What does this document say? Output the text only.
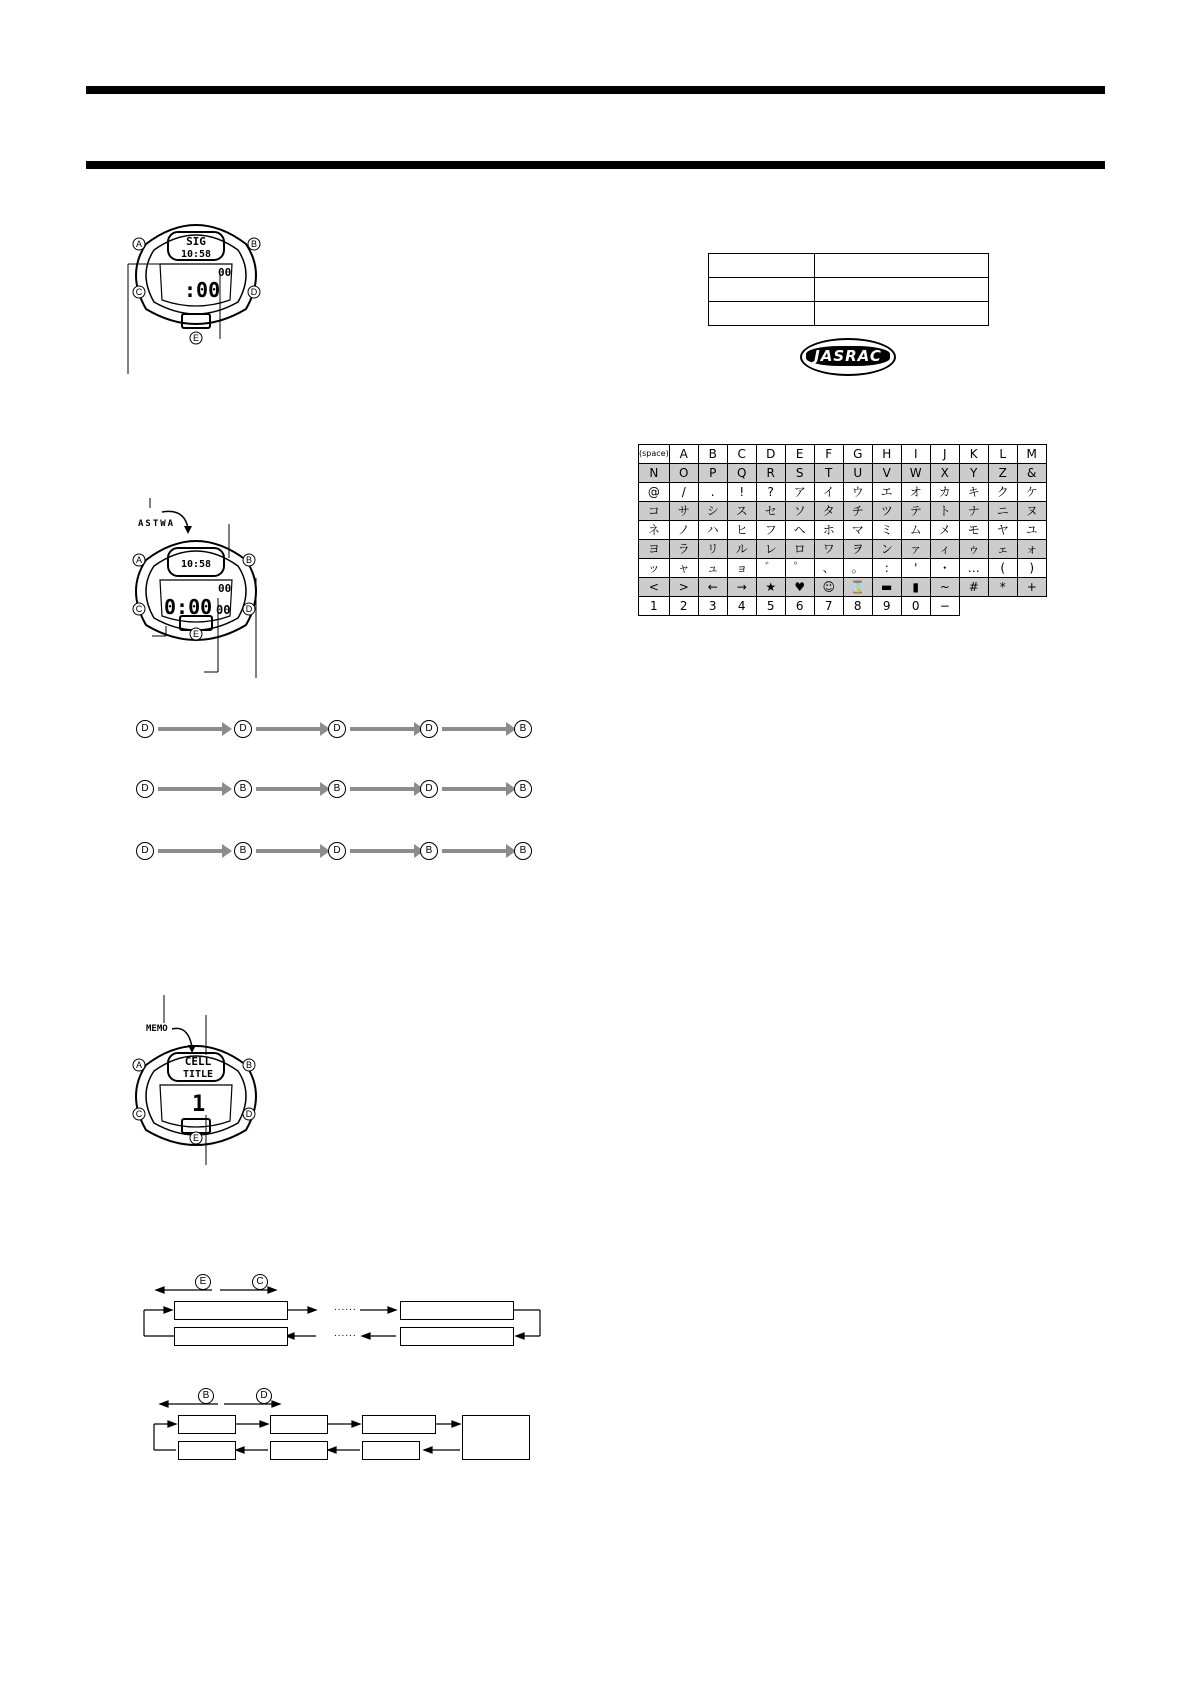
SIG
10:58
00
:00
A	B
C	D
E
ASTWA
10:58
00
0:00 00
A	B
C	D
E
D	D	D	D	B
D	B	B	D	B
D	B	D	B	B
MEMO
CELL
TITLE
1
A	B
C	D
E
E	C
......
......
B	D

JASRAC
(space)	A	B	C	D	E	F	G	H	I	J	K	L	M
N	O	P	Q	R	S	T	U	V	W	X	Y	Z	&
@	/	.	!	?	ア	イ	ウ	エ	オ	カ	キ	ク	ケ
コ	サ	シ	ス	セ	ソ	タ	チ	ツ	テ	ト	ナ	ニ	ヌ
ネ	ノ	ハ	ヒ	フ	ヘ	ホ	マ	ミ	ム	メ	モ	ヤ	ユ
ヨ	ラ	リ	ル	レ	ロ	ワ	ヲ	ン	ァ	ィ	ゥ	ェ	ォ
ッ	ャ	ュ	ョ	゛	゜	、	。	:	'	・	…	(	)
<	>	←	→	★	♥	☺	⌛	▬	▮	~	#	*	+
1	2	3	4	5	6	7	8	9	0	−			
